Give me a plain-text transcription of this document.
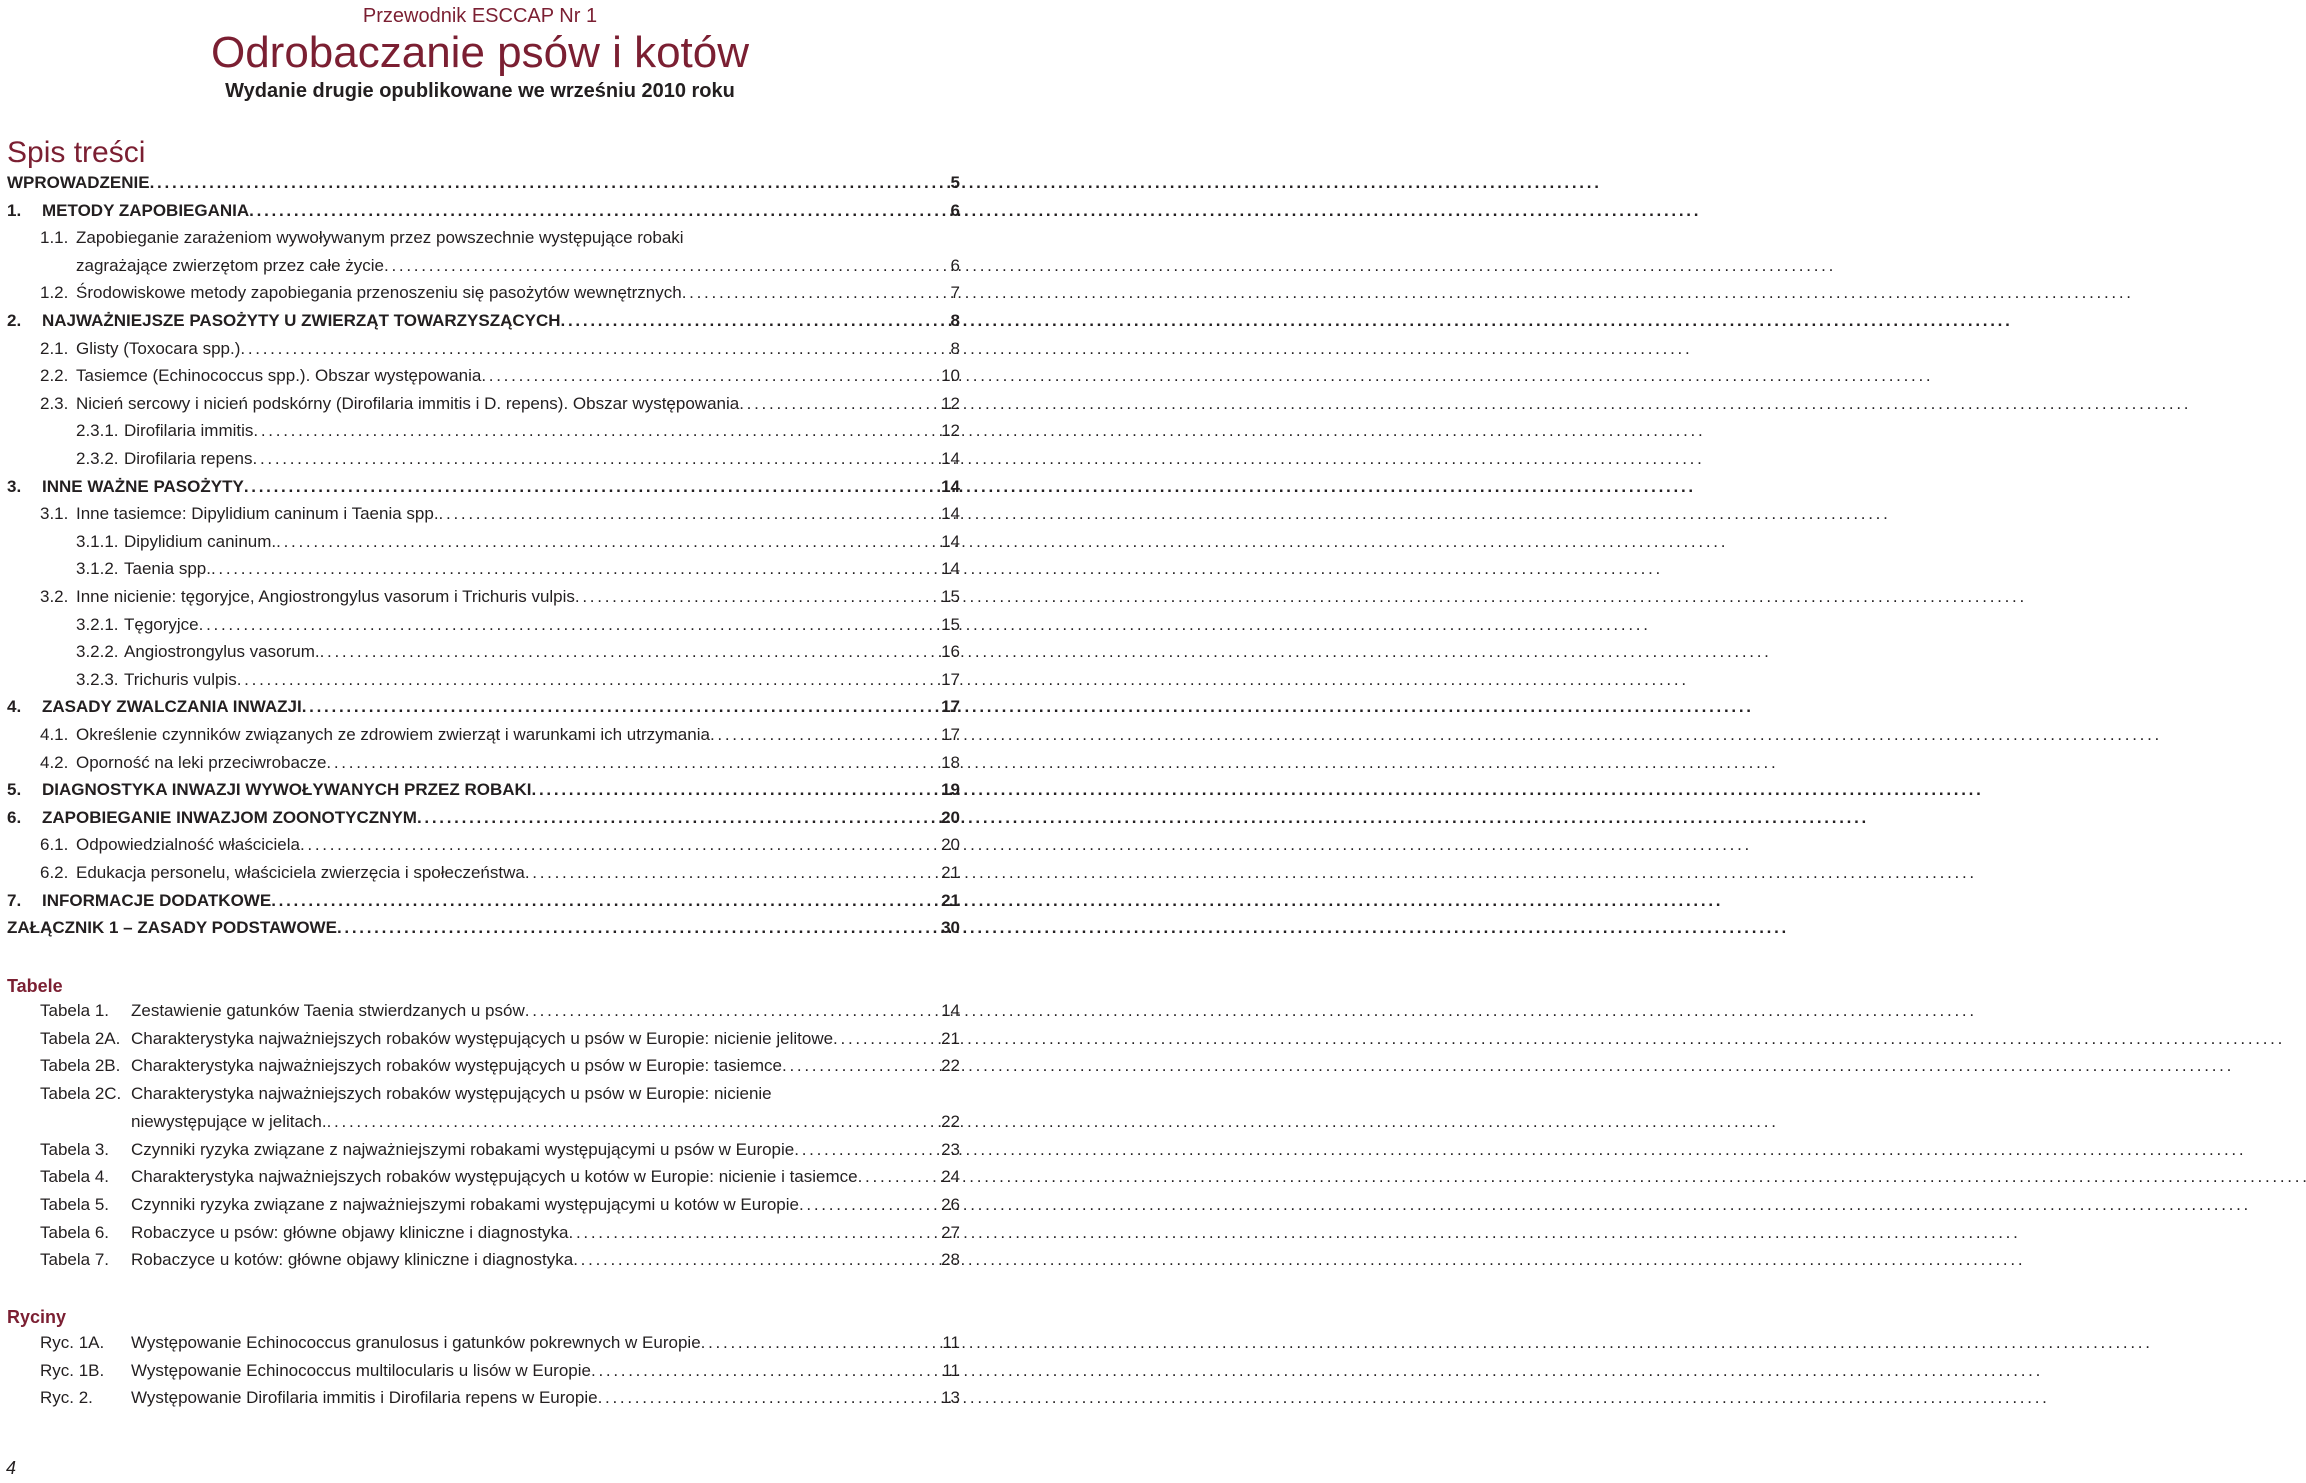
Przewodnik ESCCAP Nr 1
Odrobaczanie psów i kotów
Wydanie drugie opublikowane we wrześniu 2010 roku
Spis treści
WPROWADZENIE . . .	5
1. METODY ZAPOBIEGANIA . . .	6
1.1. Zapobieganie zarażeniom wywoływanym przez powszechnie występujące robaki
zagrażające zwierzętom przez całe życie . . .	6
1.2. Środowiskowe metody zapobiegania przenoszeniu się pasożytów wewnętrznych . . .	7
2. NAJWAŻNIEJSZE PASOŻYTY U ZWIERZĄT TOWARZYSZĄCYCH . . .	8
2.1. Glisty (Toxocara spp.) . . .	8
2.2. Tasiemce (Echinococcus spp.). Obszar występowania . . .	10
2.3. Nicień sercowy i nicień podskórny (Dirofilaria immitis i D. repens). Obszar występowania . . .	12
2.3.1. Dirofilaria immitis . . .	12
2.3.2. Dirofilaria repens . . .	14
3. INNE WAŻNE PASOŻYTY . . .	14
3.1. Inne tasiemce: Dipylidium caninum i Taenia spp. . . .	14
3.1.1. Dipylidium caninum. . . .	14
3.1.2. Taenia spp. . . .	14
3.2. Inne nicienie: tęgoryjce, Angiostrongylus vasorum i Trichuris vulpis . . .	15
3.2.1. Tęgoryjce . . .	15
3.2.2. Angiostrongylus vasorum. . . .	16
3.2.3. Trichuris vulpis . . .	17
4. ZASADY ZWALCZANIA INWAZJI . . .	17
4.1. Określenie czynników związanych ze zdrowiem zwierząt i warunkami ich utrzymania . . .	17
4.2. Oporność na leki przeciwrobacze . . .	18
5. DIAGNOSTYKA INWAZJI WYWOŁYWANYCH PRZEZ ROBAKI . . .	19
6. ZAPOBIEGANIE INWAZJOM ZOONOTYCZNYM . . .	20
6.1. Odpowiedzialność właściciela . . .	20
6.2. Edukacja personelu, właściciela zwierzęcia i społeczeństwa . . .	21
7. INFORMACJE DODATKOWE . . .	21
ZAŁĄCZNIK 1 – ZASADY PODSTAWOWE . . .	30
Tabele
Tabela 1. Zestawienie gatunków Taenia stwierdzanych u psów . . .	14
Tabela 2A. Charakterystyka najważniejszych robaków występujących u psów w Europie: nicienie jelitowe . . .	21
Tabela 2B. Charakterystyka najważniejszych robaków występujących u psów w Europie: tasiemce . . .	22
Tabela 2C. Charakterystyka najważniejszych robaków występujących u psów w Europie: nicienie
niewystępujące w jelitach. . . .	22
Tabela 3. Czynniki ryzyka związane z najważniejszymi robakami występującymi u psów w Europie . . .	23
Tabela 4. Charakterystyka najważniejszych robaków występujących u kotów w Europie: nicienie i tasiemce . . .	24
Tabela 5. Czynniki ryzyka związane z najważniejszymi robakami występującymi u kotów w Europie . . .	26
Tabela 6. Robaczyce u psów: główne objawy kliniczne i diagnostyka . . .	27
Tabela 7. Robaczyce u kotów: główne objawy kliniczne i diagnostyka . . .	28
Ryciny
Ryc. 1A. Występowanie Echinococcus granulosus i gatunków pokrewnych w Europie . . .	11
Ryc. 1B. Występowanie Echinococcus multilocularis u lisów w Europie . . .	11
Ryc. 2. Występowanie Dirofilaria immitis i Dirofilaria repens w Europie . . .	13
4
